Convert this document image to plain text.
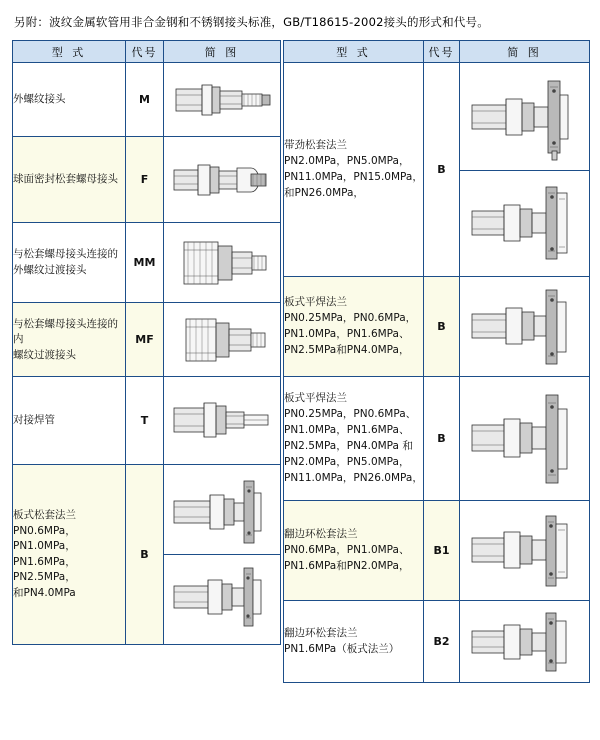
另附：波纹金属软管用非合金钢和不锈钢接头标准，GB/T18615-2002接头的形式和代号。
型 式	代号	简 图

外螺纹接头	M	

球面密封松套螺母接头	F	

与松套螺母接头连接的
外螺纹过渡接头	MM	

与松套螺母接头连接的内
螺纹过渡接头	MF	

对接焊管	T	

板式松套法兰
PN0.6MPa，PN1.0MPa，
PN1.6MPa，PN2.5MPa，
和PN4.0MPa	B	
型 式	代号	简 图

带劲松套法兰
PN2.0MPa，PN5.0MPa，
PN11.0MPa，PN15.0MPa，
和PN26.0MPa，	B	

板式平焊法兰
PN0.25MPa，PN0.6MPa，
PN1.0MPa，PN1.6MPa、
PN2.5MPa和PN4.0MPa，	B	

板式平焊法兰
PN0.25MPa，PN0.6MPa、
PN1.0MPa，PN1.6MPa、
PN2.5MPa，PN4.0MPa 和
PN2.0MPa，PN5.0MPa，
PN11.0MPa，PN26.0MPa，
	B	

翻边环松套法兰
PN0.6MPa，PN1.0MPa、
PN1.6MPa和PN2.0MPa，	B1	

翻边环松套法兰
PN1.6MPa（板式法兰）	B2	
